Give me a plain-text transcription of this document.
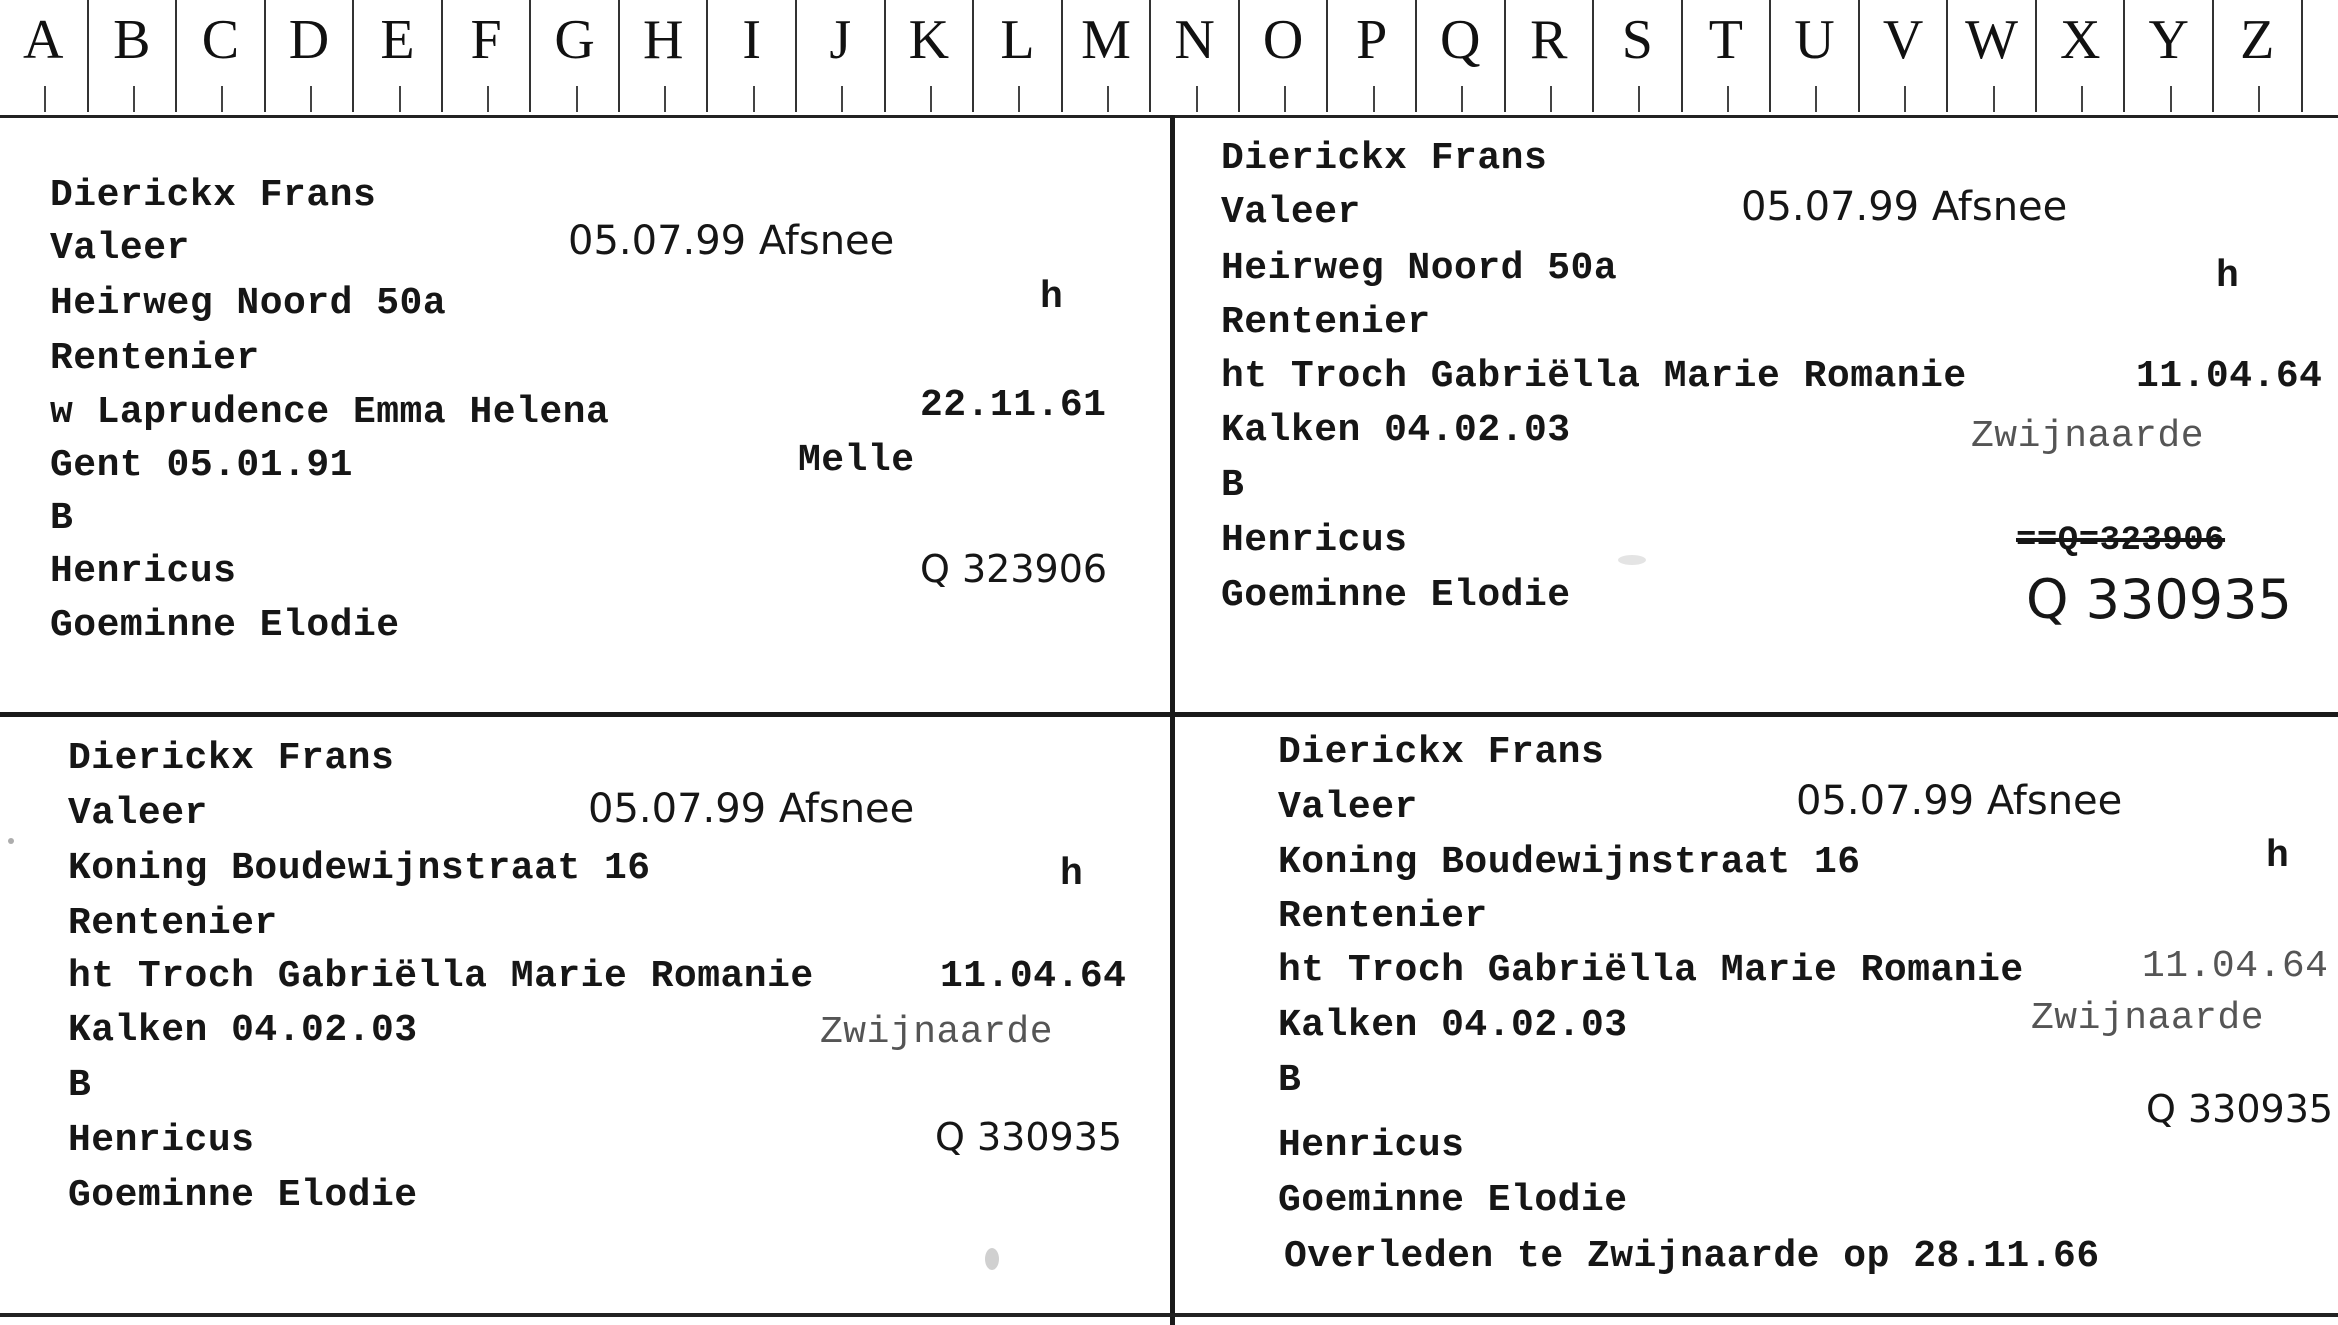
A B C D E F G H	I	J	K L M N O P Q R S T U V W X Y Z
Dierickx Frans
Valeer	05.07.99 Afsnee
Heirweg Noord 50a	h
Rentenier
w Laprudence Emma Helena	22.11.61
Gent 05.01.91	Melle
B
Henricus	Q 323906
Goeminne Elodie
Dierickx Frans
Valeer	05.07.99 Afsnee
Heirweg Noord 50a	h
Rentenier
ht Troch Gabriëlla Marie Romanie	11.04.64
Kalken 04.02.03	Zwijnaarde
B
Henricus	==Q=323906
Goeminne Elodie	Q 330935
Dierickx Frans
Valeer	05.07.99 Afsnee
Koning Boudewijnstraat 16	h
Rentenier
ht Troch Gabriëlla Marie Romanie	11.04.64
Kalken 04.02.03	Zwijnaarde
B
Henricus	Q 330935
Goeminne Elodie
Dierickx Frans
Valeer	05.07.99 Afsnee
Koning Boudewijnstraat 16	h
Rentenier
ht Troch Gabriëlla Marie Romanie	11.04.64
Kalken 04.02.03	Zwijnaarde
B
Q 330935
Henricus
Goeminne Elodie
Overleden te Zwijnaarde op 28.11.66
